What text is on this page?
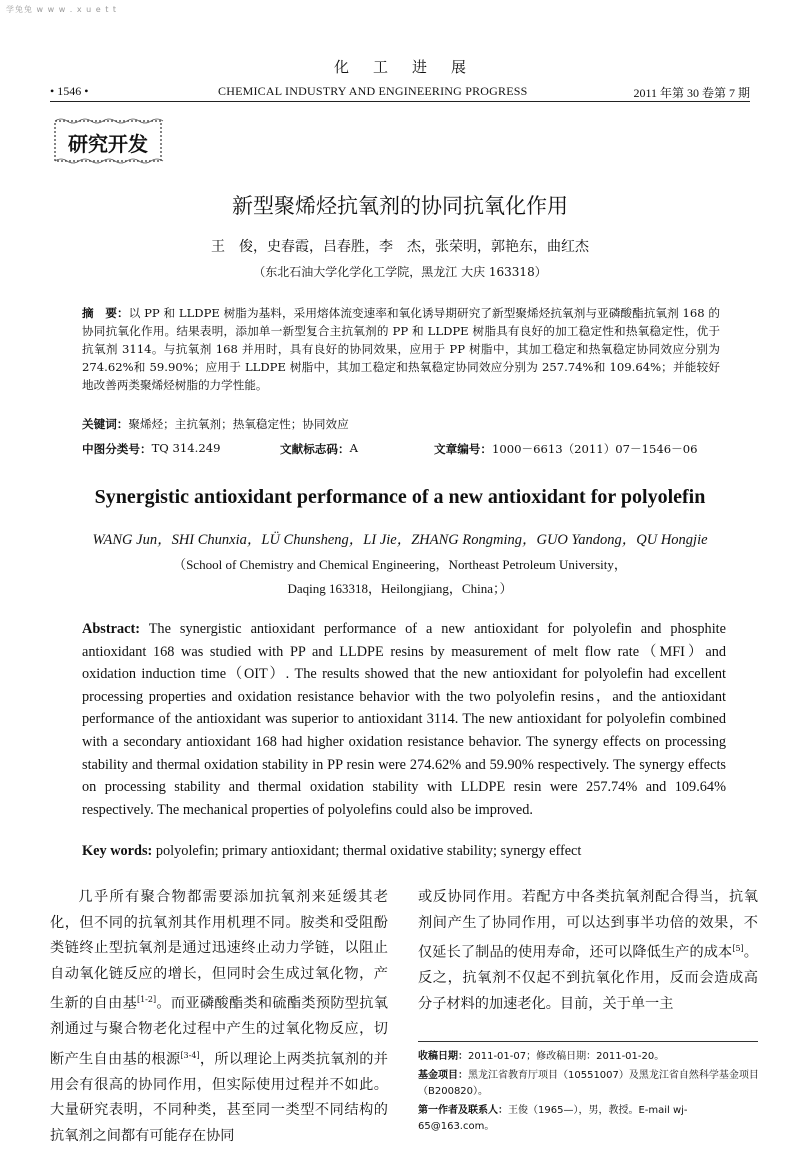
学兔兔 w w w . x u e t t
化工进展
• 1546 •	CHEMICAL INDUSTRY AND ENGINEERING PROGRESS	2011 年第 30 卷第 7 期
研究开发
新型聚烯烃抗氧剂的协同抗氧化作用
王　俊，史春霞，吕春胜，李　杰，张荣明，郭艳东，曲红杰
（东北石油大学化学化工学院，黑龙江 大庆 163318）
摘　要：以 PP 和 LLDPE 树脂为基料，采用熔体流变速率和氧化诱导期研究了新型聚烯烃抗氧剂与亚磷酸酯抗氧剂 168 的协同抗氧化作用。结果表明，添加单一新型复合主抗氧剂的 PP 和 LLDPE 树脂具有良好的加工稳定性和热氧稳定性，优于抗氧剂 3114。与抗氧剂 168 并用时，具有良好的协同效果，应用于 PP 树脂中，其加工稳定和热氧稳定协同效应分别为 274.62%和 59.90%；应用于 LLDPE 树脂中，其加工稳定和热氧稳定协同效应分别为 257.74%和 109.64%；并能较好地改善两类聚烯烃树脂的力学性能。
关键词：聚烯烃；主抗氧剂；热氧稳定性；协同效应
中图分类号： TQ 314.249	文献标志码： A	文章编号： 1000－6613（2011）07－1546－06
Synergistic antioxidant performance of a new antioxidant for polyolefin
WANG Jun，SHI Chunxia，LÜ Chunsheng，LI Jie，ZHANG Rongming，GUO Yandong，QU Hongjie
（School of Chemistry and Chemical Engineering，Northeast Petroleum University，
Daqing 163318，Heilongjiang，China；）
Abstract: The synergistic antioxidant performance of a new antioxidant for polyolefin and phosphite antioxidant 168 was studied with PP and LLDPE resins by measurement of melt flow rate（MFI）and oxidation induction time（OIT）. The results showed that the new antioxidant for polyolefin had excellent processing properties and oxidation resistance behavior with the two polyolefin resins，and the antioxidant performance of the antioxidant was superior to antioxidant 3114. The new antioxidant for polyolefin combined with a secondary antioxidant 168 had higher oxidation resistance behavior. The synergy effects on processing stability and thermal oxidation stability in PP resin were 274.62% and 59.90% respectively. The synergy effects on processing stability and thermal oxidation stability with LLDPE resin were 257.74% and 109.64% respectively. The mechanical properties of polyolefins could also be improved.
Key words: polyolefin; primary antioxidant; thermal oxidative stability; synergy effect
几乎所有聚合物都需要添加抗氧剂来延缓其老化，但不同的抗氧剂其作用机理不同。胺类和受阻酚类链终止型抗氧剂是通过迅速终止动力学链，以阻止自动氧化链反应的增长，但同时会生成过氧化物，产生新的自由基[1-2]。而亚磷酸酯类和硫酯类预防型抗氧剂通过与聚合物老化过程中产生的过氧化物反应，切断产生自由基的根源[3-4]，所以理论上两类抗氧剂的并用会有很高的协同作用，但实际使用过程并不如此。大量研究表明，不同种类，甚至同一类型不同结构的抗氧剂之间都有可能存在协同
或反协同作用。若配方中各类抗氧剂配合得当，抗氧剂间产生了协同作用，可以达到事半功倍的效果，不仅延长了制品的使用寿命，还可以降低生产的成本[5]。反之，抗氧剂不仅起不到抗氧化作用，反而会造成高分子材料的加速老化。目前，关于单一主
收稿日期：2011-01-07；修改稿日期：2011-01-20。
基金项目：黑龙江省教育厅项目（10551007）及黑龙江省自然科学基金项目（B200820）。
第一作者及联系人：王俊（1965—），男，教授。E-mail wj-65@163.com。
